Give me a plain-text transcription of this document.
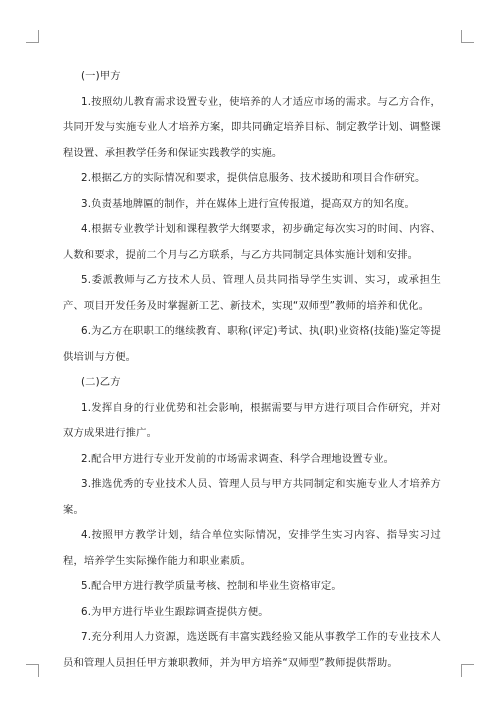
(一)甲方

1.按照幼儿教育需求设置专业，使培养的人才适应市场的需求。与乙方合作，共同开发与实施专业人才培养方案，即共同确定培养目标、制定教学计划、调整课程设置、承担教学任务和保证实践教学的实施。

2.根据乙方的实际情况和要求，提供信息服务、技术援助和项目合作研究。

3.负责基地牌匾的制作，并在媒体上进行宣传报道，提高双方的知名度。

4.根据专业教学计划和课程教学大纲要求，初步确定每次实习的时间、内容、人数和要求，提前二个月与乙方联系，与乙方共同制定具体实施计划和安排。

5.委派教师与乙方技术人员、管理人员共同指导学生实训、实习，或承担生产、项目开发任务及时掌握新工艺、新技术，实现“双师型”教师的培养和优化。

6.为乙方在职职工的继续教育、职称(评定)考试、执(职)业资格(技能)鉴定等提供培训与方便。

(二)乙方

1.发挥自身的行业优势和社会影响，根据需要与甲方进行项目合作研究，并对双方成果进行推广。

2.配合甲方进行专业开发前的市场需求调查、科学合理地设置专业。

3.推选优秀的专业技术人员、管理人员与甲方共同制定和实施专业人才培养方案。

4.按照甲方教学计划，结合单位实际情况，安排学生实习内容、指导实习过程，培养学生实际操作能力和职业素质。

5.配合甲方进行教学质量考核、控制和毕业生资格审定。

6.为甲方进行毕业生跟踪调查提供方便。

7.充分利用人力资源，选送既有丰富实践经验又能从事教学工作的专业技术人员和管理人员担任甲方兼职教师，并为甲方培养“双师型”教师提供帮助。
